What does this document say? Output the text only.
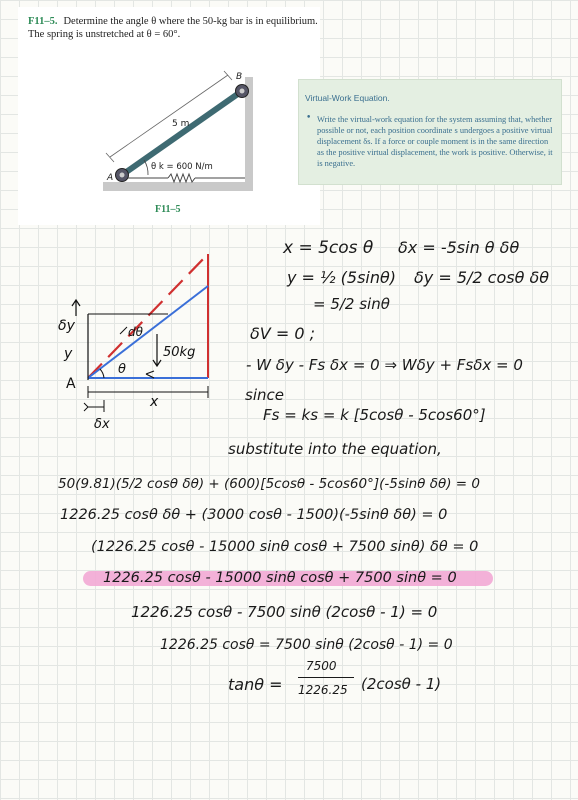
F11–5. Determine the angle θ where the 50-kg bar is in equilibrium. The spring is unstretched at θ = 60°.
B
A
5 m
θ k = 600 N/m
F11–5
Virtual-Work Equation.
• Write the virtual-work equation for the system assuming that, whether possible or not, each position coordinate s undergoes a positive virtual displacement δs. If a force or couple moment is in the same direction as the positive virtual displacement, the work is positive. Otherwise, it is negative.
δy
y
A
dθ
θ
50kg
x
δx
x = 5cos θ δx = -5sin θ δθ
y = ½ (5sinθ) δy = 5/2 cosθ δθ
= 5/2 sinθ
δV = 0 ;
- W δy - Fs δx = 0 ⇒ Wδy + Fsδx = 0
since
Fs = ks = k [5cosθ - 5cos60°]
substitute into the equation,
50(9.81)(5/2 cosθ δθ) + (600)[5cosθ - 5cos60°](-5sinθ δθ) = 0
1226.25 cosθ δθ + (3000 cosθ - 1500)(-5sinθ δθ) = 0
(1226.25 cosθ - 15000 sinθ cosθ + 7500 sinθ) δθ = 0
1226.25 cosθ - 15000 sinθ cosθ + 7500 sinθ = 0
1226.25 cosθ - 7500 sinθ (2cosθ - 1) = 0
1226.25 cosθ = 7500 sinθ (2cosθ - 1) = 0
tanθ =
7500
1226.25 (2cosθ - 1)
